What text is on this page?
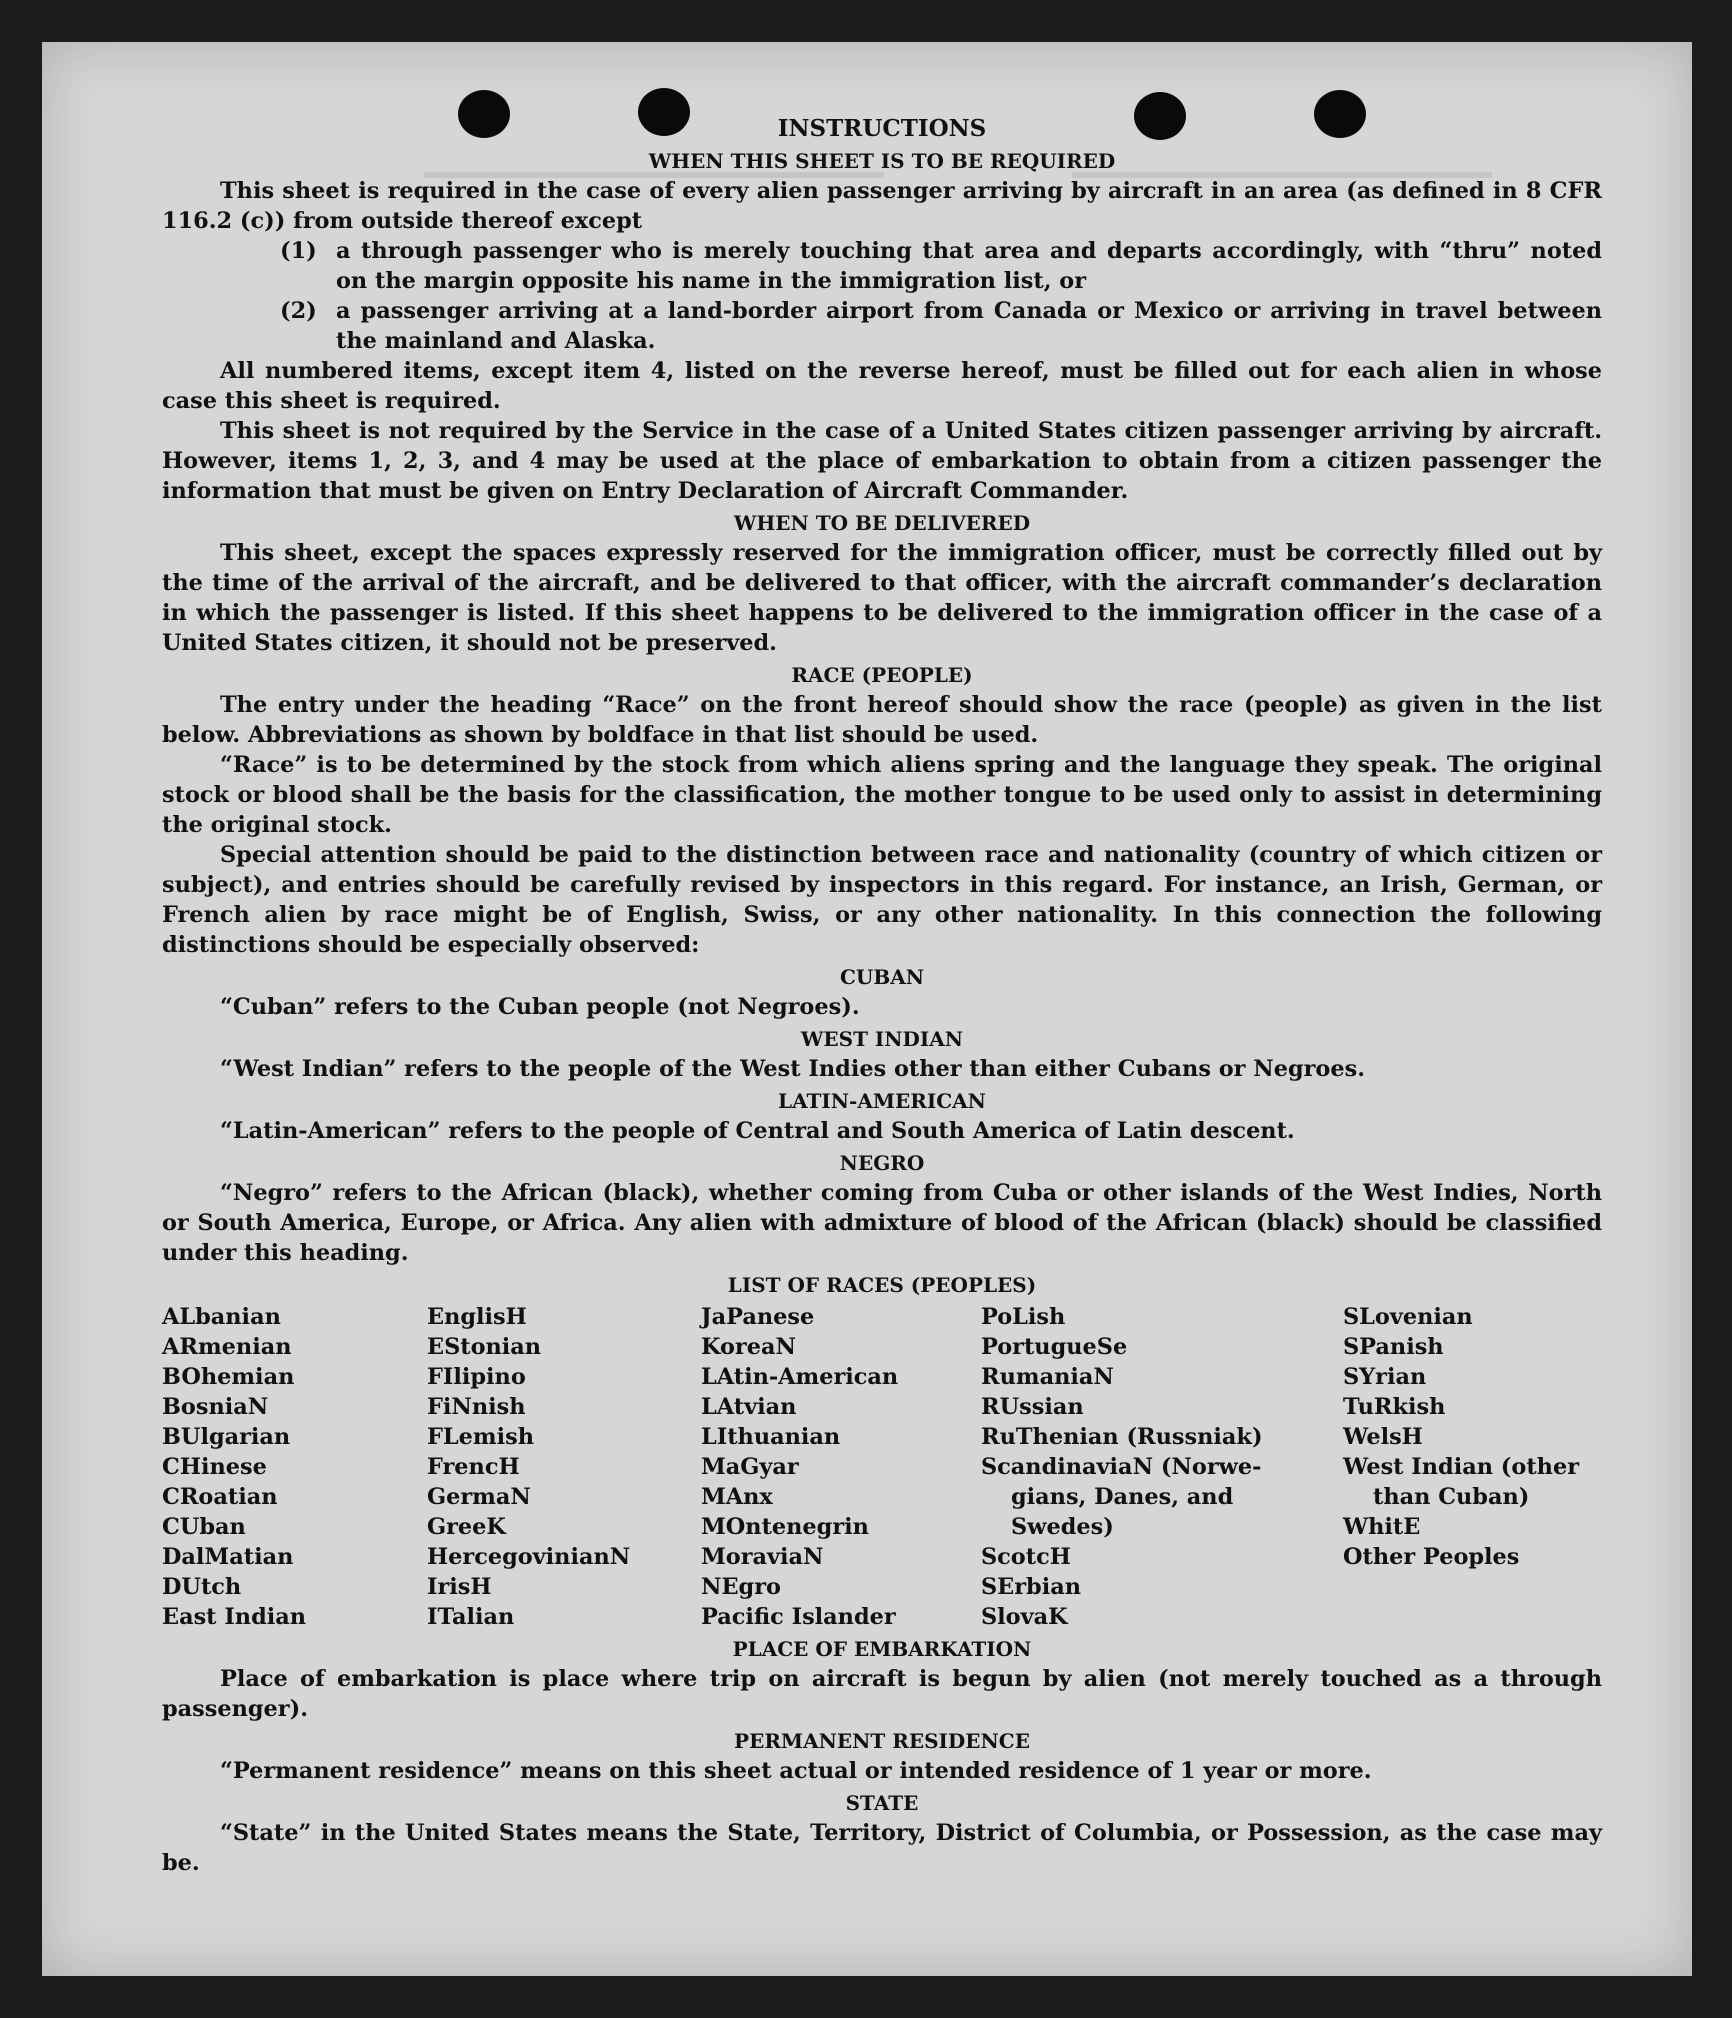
INSTRUCTIONS
WHEN THIS SHEET IS TO BE REQUIRED

This sheet is required in the case of every alien passenger arriving by aircraft in an area (as defined in 8 CFR 116.2 (c)) from outside thereof except

(1) a through passenger who is merely touching that area and departs accordingly, with “thru” noted on the margin opposite his name in the immigration list, or
(2) a passenger arriving at a land-border airport from Canada or Mexico or arriving in travel between the mainland and Alaska.

All numbered items, except item 4, listed on the reverse hereof, must be filled out for each alien in whose case this sheet is required.

This sheet is not required by the Service in the case of a United States citizen passenger arriving by aircraft. However, items 1, 2, 3, and 4 may be used at the place of embarkation to obtain from a citizen passenger the information that must be given on Entry Declaration of Aircraft Commander.

WHEN TO BE DELIVERED

This sheet, except the spaces expressly reserved for the immigration officer, must be correctly filled out by the time of the arrival of the aircraft, and be delivered to that officer, with the aircraft commander’s declaration in which the passenger is listed. If this sheet happens to be delivered to the immigration officer in the case of a United States citizen, it should not be preserved.

RACE (PEOPLE)

The entry under the heading “Race” on the front hereof should show the race (people) as given in the list below. Abbreviations as shown by boldface in that list should be used.

“Race” is to be determined by the stock from which aliens spring and the language they speak. The original stock or blood shall be the basis for the classification, the mother tongue to be used only to assist in determining the original stock.

Special attention should be paid to the distinction between race and nationality (country of which citizen or subject), and entries should be carefully revised by inspectors in this regard. For instance, an Irish, German, or French alien by race might be of English, Swiss, or any other nationality. In this connection the following distinctions should be especially observed:

CUBAN

“Cuban” refers to the Cuban people (not Negroes).

WEST INDIAN

“West Indian” refers to the people of the West Indies other than either Cubans or Negroes.

LATIN-AMERICAN

“Latin-American” refers to the people of Central and South America of Latin descent.

NEGRO

“Negro” refers to the African (black), whether coming from Cuba or other islands of the West Indies, North or South America, Europe, or Africa. Any alien with admixture of blood of the African (black) should be classified under this heading.

LIST OF RACES (PEOPLES)
ALbanian
ARmenian
BOhemian
BosniaN
BUlgarian
CHinese
CRoatian
CUban
DalMatian
DUtch
East Indian
EnglisH
EStonian
FIlipino
FiNnish
FLemish
FrencH
GermaN
GreeK
HercegovinianN
IrisH
ITalian
JaPanese
KoreaN
LAtin-American
LAtvian
LIthuanian
MaGyar
MAnx
MOntenegrin
MoraviaN
NEgro
Pacific Islander
PoLish
PortugueSe
RumaniaN
RUssian
RuThenian (Russniak)
ScandinaviaN (Norwe-
gians, Danes, and
Swedes)
ScotcH
SErbian
SlovaK
SLovenian
SPanish
SYrian
TuRkish
WelsH
West Indian (other
than Cuban)
WhitE
Other Peoples
PLACE OF EMBARKATION

Place of embarkation is place where trip on aircraft is begun by alien (not merely touched as a through passenger).

PERMANENT RESIDENCE

“Permanent residence” means on this sheet actual or intended residence of 1 year or more.

STATE

“State” in the United States means the State, Territory, District of Columbia, or Possession, as the case may be.
